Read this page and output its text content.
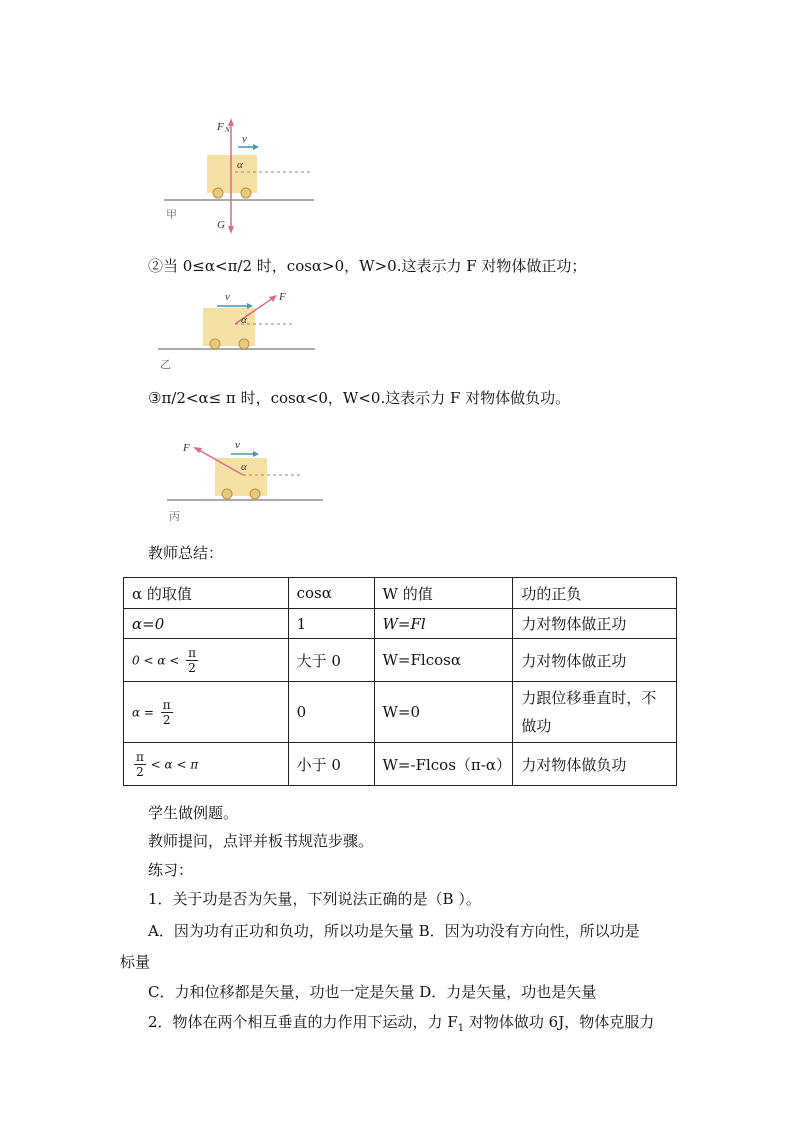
F N
v
α
G
甲
②当 0≤α<π/2 时，cosα>0，W>0.这表示力 F 对物体做正功；
v	F
α
乙
③π/2<α≤ π 时，cosα<0，W<0.这表示力 F 对物体做负功。
F	v
α
丙
教师总结：
α 的取值	cosα	W 的值	功的正负
α=0	1	W=Fl	力对物体做正功
$0 < \alpha < \frac{\pi}{2}$	大于 0	W=Flcosα	力对物体做正功
$\alpha = \frac{\pi}{2}$	0	W=0	力跟位移垂直时，不做功

$\frac{\pi}{2} < \alpha < \pi$	小于 0	W=-Flcos（π-α）	力对物体做负功
学生做例题。
教师提问，点评并板书规范步骤。
练习：
1．关于功是否为矢量，下列说法正确的是（B ）。
A．因为功有正功和负功，所以功是矢量 B．因为功没有方向性，所以功是
标量
C．力和位移都是矢量，功也一定是矢量 D．力是矢量，功也是矢量
2．物体在两个相互垂直的力作用下运动，力 $F_1$ 对物体做功 6J，物体克服力
